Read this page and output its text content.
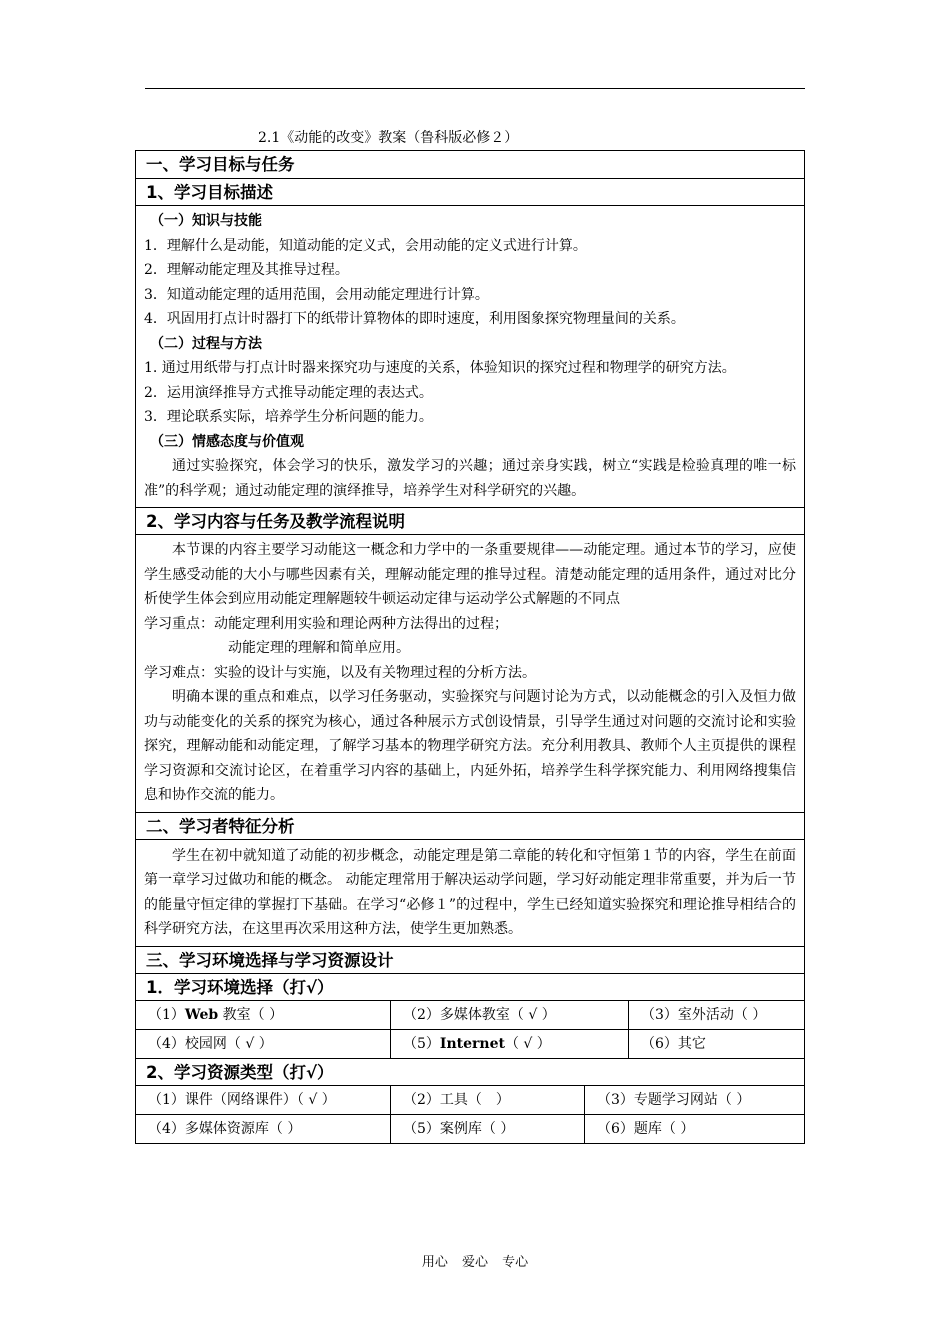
2.1《动能的改变》教案（鲁科版必修２）
一、学习目标与任务
1、学习目标描述
（一）知识与技能
1．理解什么是动能，知道动能的定义式，会用动能的定义式进行计算。
2．理解动能定理及其推导过程。
3．知道动能定理的适用范围，会用动能定理进行计算。
4．巩固用打点计时器打下的纸带计算物体的即时速度，利用图象探究物理量间的关系。
（二）过程与方法
1. 通过用纸带与打点计时器来探究功与速度的关系，体验知识的探究过程和物理学的研究方法。
2．运用演绎推导方式推导动能定理的表达式。
3．理论联系实际，培养学生分析问题的能力。
（三）情感态度与价值观
通过实验探究，体会学习的快乐，激发学习的兴趣；通过亲身实践，树立“实践是检验真理的唯一标准”的科学观；通过动能定理的演绎推导，培养学生对科学研究的兴趣。
2、学习内容与任务及教学流程说明
本节课的内容主要学习动能这一概念和力学中的一条重要规律——动能定理。通过本节的学习，应使学生感受动能的大小与哪些因素有关，理解动能定理的推导过程。清楚动能定理的适用条件，通过对比分析使学生体会到应用动能定理解题较牛顿运动定律与运动学公式解题的不同点
学习重点：动能定理利用实验和理论两种方法得出的过程；
动能定理的理解和简单应用。
学习难点：实验的设计与实施，以及有关物理过程的分析方法。
明确本课的重点和难点，以学习任务驱动，实验探究与问题讨论为方式，以动能概念的引入及恒力做功与动能变化的关系的探究为核心，通过各种展示方式创设情景，引导学生通过对问题的交流讨论和实验探究，理解动能和动能定理，了解学习基本的物理学研究方法。充分利用教具、教师个人主页提供的课程学习资源和交流讨论区，在着重学习内容的基础上，内延外拓，培养学生科学探究能力、利用网络搜集信息和协作交流的能力。
二、学习者特征分析
学生在初中就知道了动能的初步概念，动能定理是第二章能的转化和守恒第１节的内容，学生在前面第一章学习过做功和能的概念。 动能定理常用于解决运动学问题，学习好动能定理非常重要，并为后一节的能量守恒定律的掌握打下基础。在学习“必修１”的过程中，学生已经知道实验探究和理论推导相结合的科学研究方法，在这里再次采用这种方法，使学生更加熟悉。
三、学习环境选择与学习资源设计
1．学习环境选择（打√）
（1）Web 教室（ ）	（2）多媒体教室（ √ ）	（3）室外活动（ ）
（4）校园网（ √ ）	（5）Internet（ √ ）	（6）其它
2、学习资源类型（打√）
（1）课件（网络课件）（ √ ）	（2）工具（　）	（3）专题学习网站（ ）
（4）多媒体资源库（ ）	（5）案例库（ ）	（6）题库（ ）
用心 爱心 专心
